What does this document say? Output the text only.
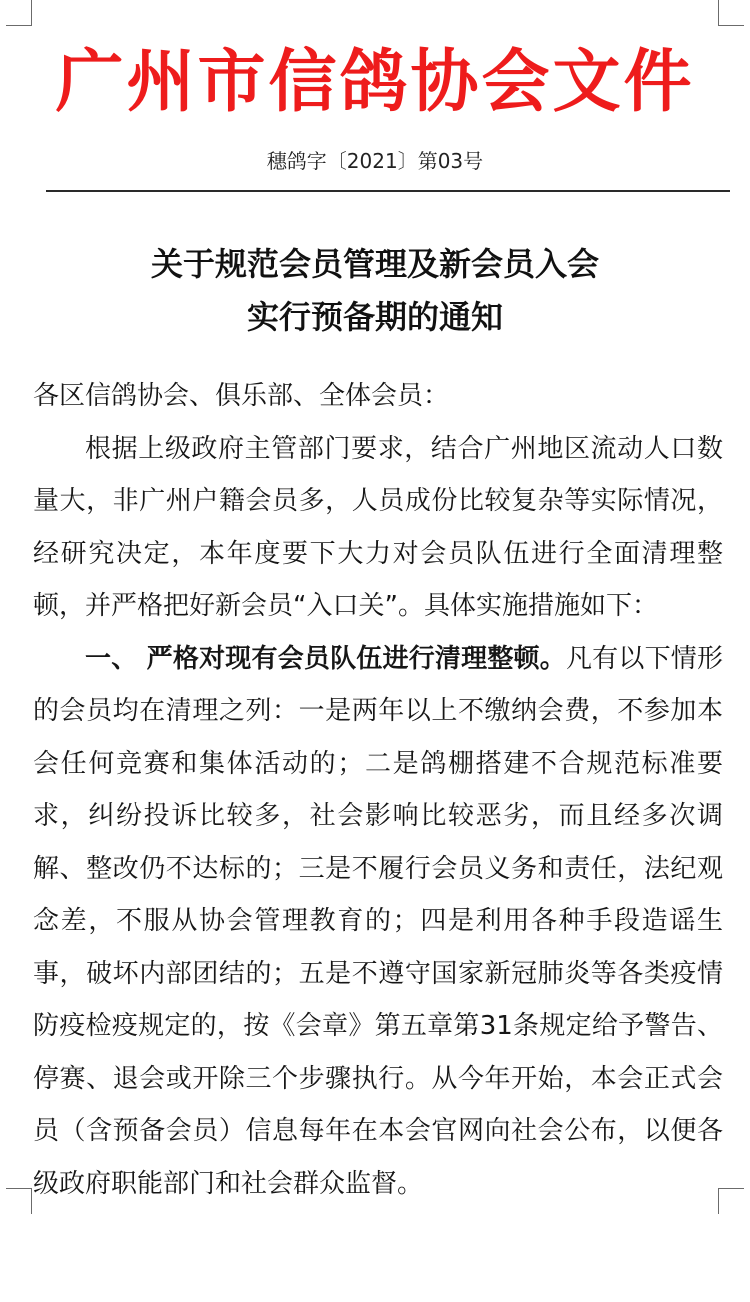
广州市信鸽协会文件
穗鸽字〔2021〕第03号
关于规范会员管理及新会员入会
实行预备期的通知

各区信鸽协会、俱乐部、全体会员：

根据上级政府主管部门要求，结合广州地区流动人口数量大，非广州户籍会员多，人员成份比较复杂等实际情况，经研究决定，本年度要下大力对会员队伍进行全面清理整顿，并严格把好新会员“入口关”。具体实施措施如下：

一、 严格对现有会员队伍进行清理整顿。凡有以下情形的会员均在清理之列：一是两年以上不缴纳会费，不参加本会任何竞赛和集体活动的；二是鸽棚搭建不合规范标准要求，纠纷投诉比较多，社会影响比较恶劣，而且经多次调解、整改仍不达标的；三是不履行会员义务和责任，法纪观念差，不服从协会管理教育的；四是利用各种手段造谣生事，破坏内部团结的；五是不遵守国家新冠肺炎等各类疫情防疫检疫规定的，按《会章》第五章第31条规定给予警告、停赛、退会或开除三个步骤执行。从今年开始，本会正式会员（含预备会员）信息每年在本会官网向社会公布，以便各级政府职能部门和社会群众监督。
